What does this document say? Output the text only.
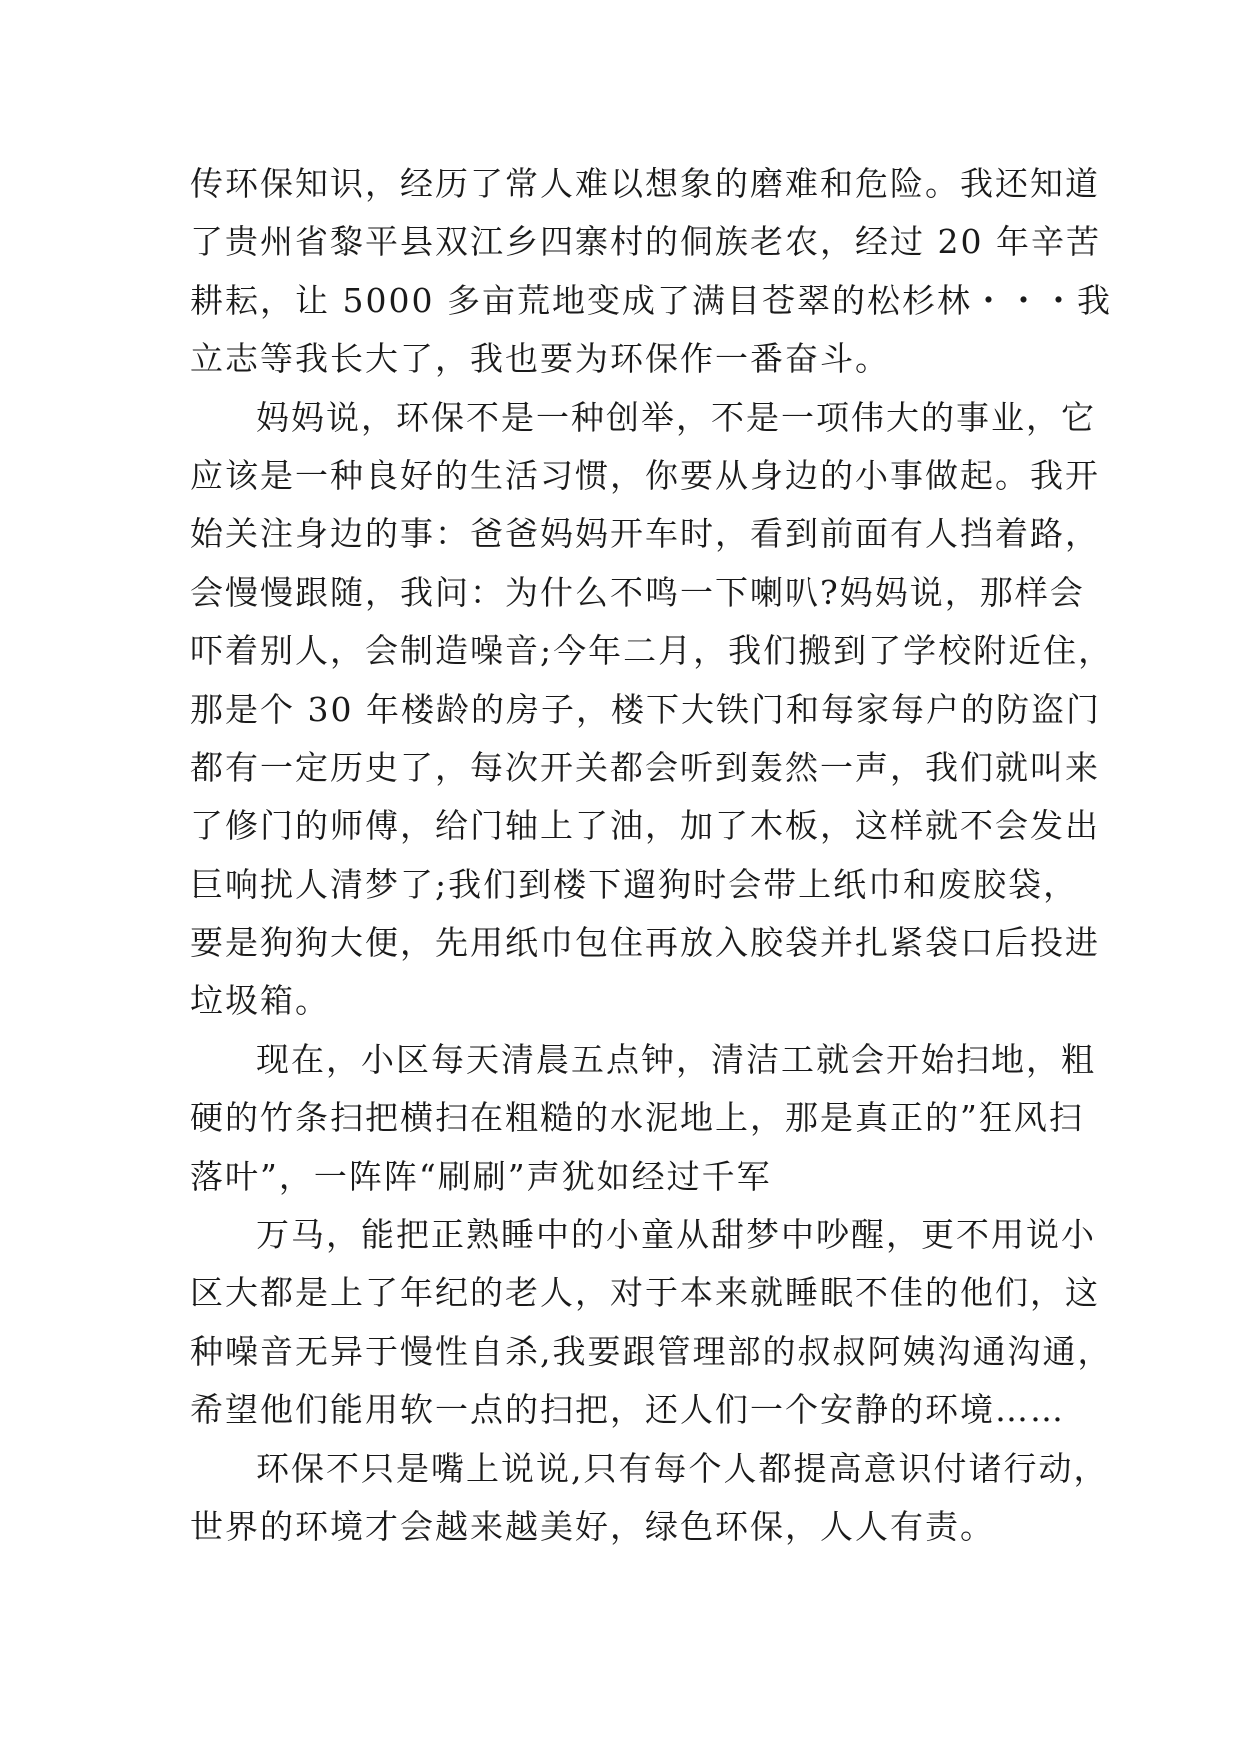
传环保知识，经历了常人难以想象的磨难和危险。我还知道
了贵州省黎平县双江乡四寨村的侗族老农，经过 20 年辛苦
耕耘，让 5000 多亩荒地变成了满目苍翠的松杉林・・・我
立志等我长大了，我也要为环保作一番奋斗。
妈妈说，环保不是一种创举，不是一项伟大的事业，它
应该是一种良好的生活习惯，你要从身边的小事做起。我开
始关注身边的事：爸爸妈妈开车时，看到前面有人挡着路，
会慢慢跟随，我问：为什么不鸣一下喇叭?妈妈说，那样会
吓着别人，会制造噪音;今年二月，我们搬到了学校附近住，
那是个 30 年楼龄的房子，楼下大铁门和每家每户的防盗门
都有一定历史了，每次开关都会听到轰然一声，我们就叫来
了修门的师傅，给门轴上了油，加了木板，这样就不会发出
巨响扰人清梦了;我们到楼下遛狗时会带上纸巾和废胶袋，
要是狗狗大便，先用纸巾包住再放入胶袋并扎紧袋口后投进
垃圾箱。
现在，小区每天清晨五点钟，清洁工就会开始扫地，粗
硬的竹条扫把横扫在粗糙的水泥地上，那是真正的”狂风扫
落叶”，一阵阵“刷刷”声犹如经过千军
万马，能把正熟睡中的小童从甜梦中吵醒，更不用说小
区大都是上了年纪的老人，对于本来就睡眠不佳的他们，这
种噪音无异于慢性自杀,我要跟管理部的叔叔阿姨沟通沟通，
希望他们能用软一点的扫把，还人们一个安静的环境……
环保不只是嘴上说说,只有每个人都提高意识付诸行动，
世界的环境才会越来越美好，绿色环保，人人有责。
